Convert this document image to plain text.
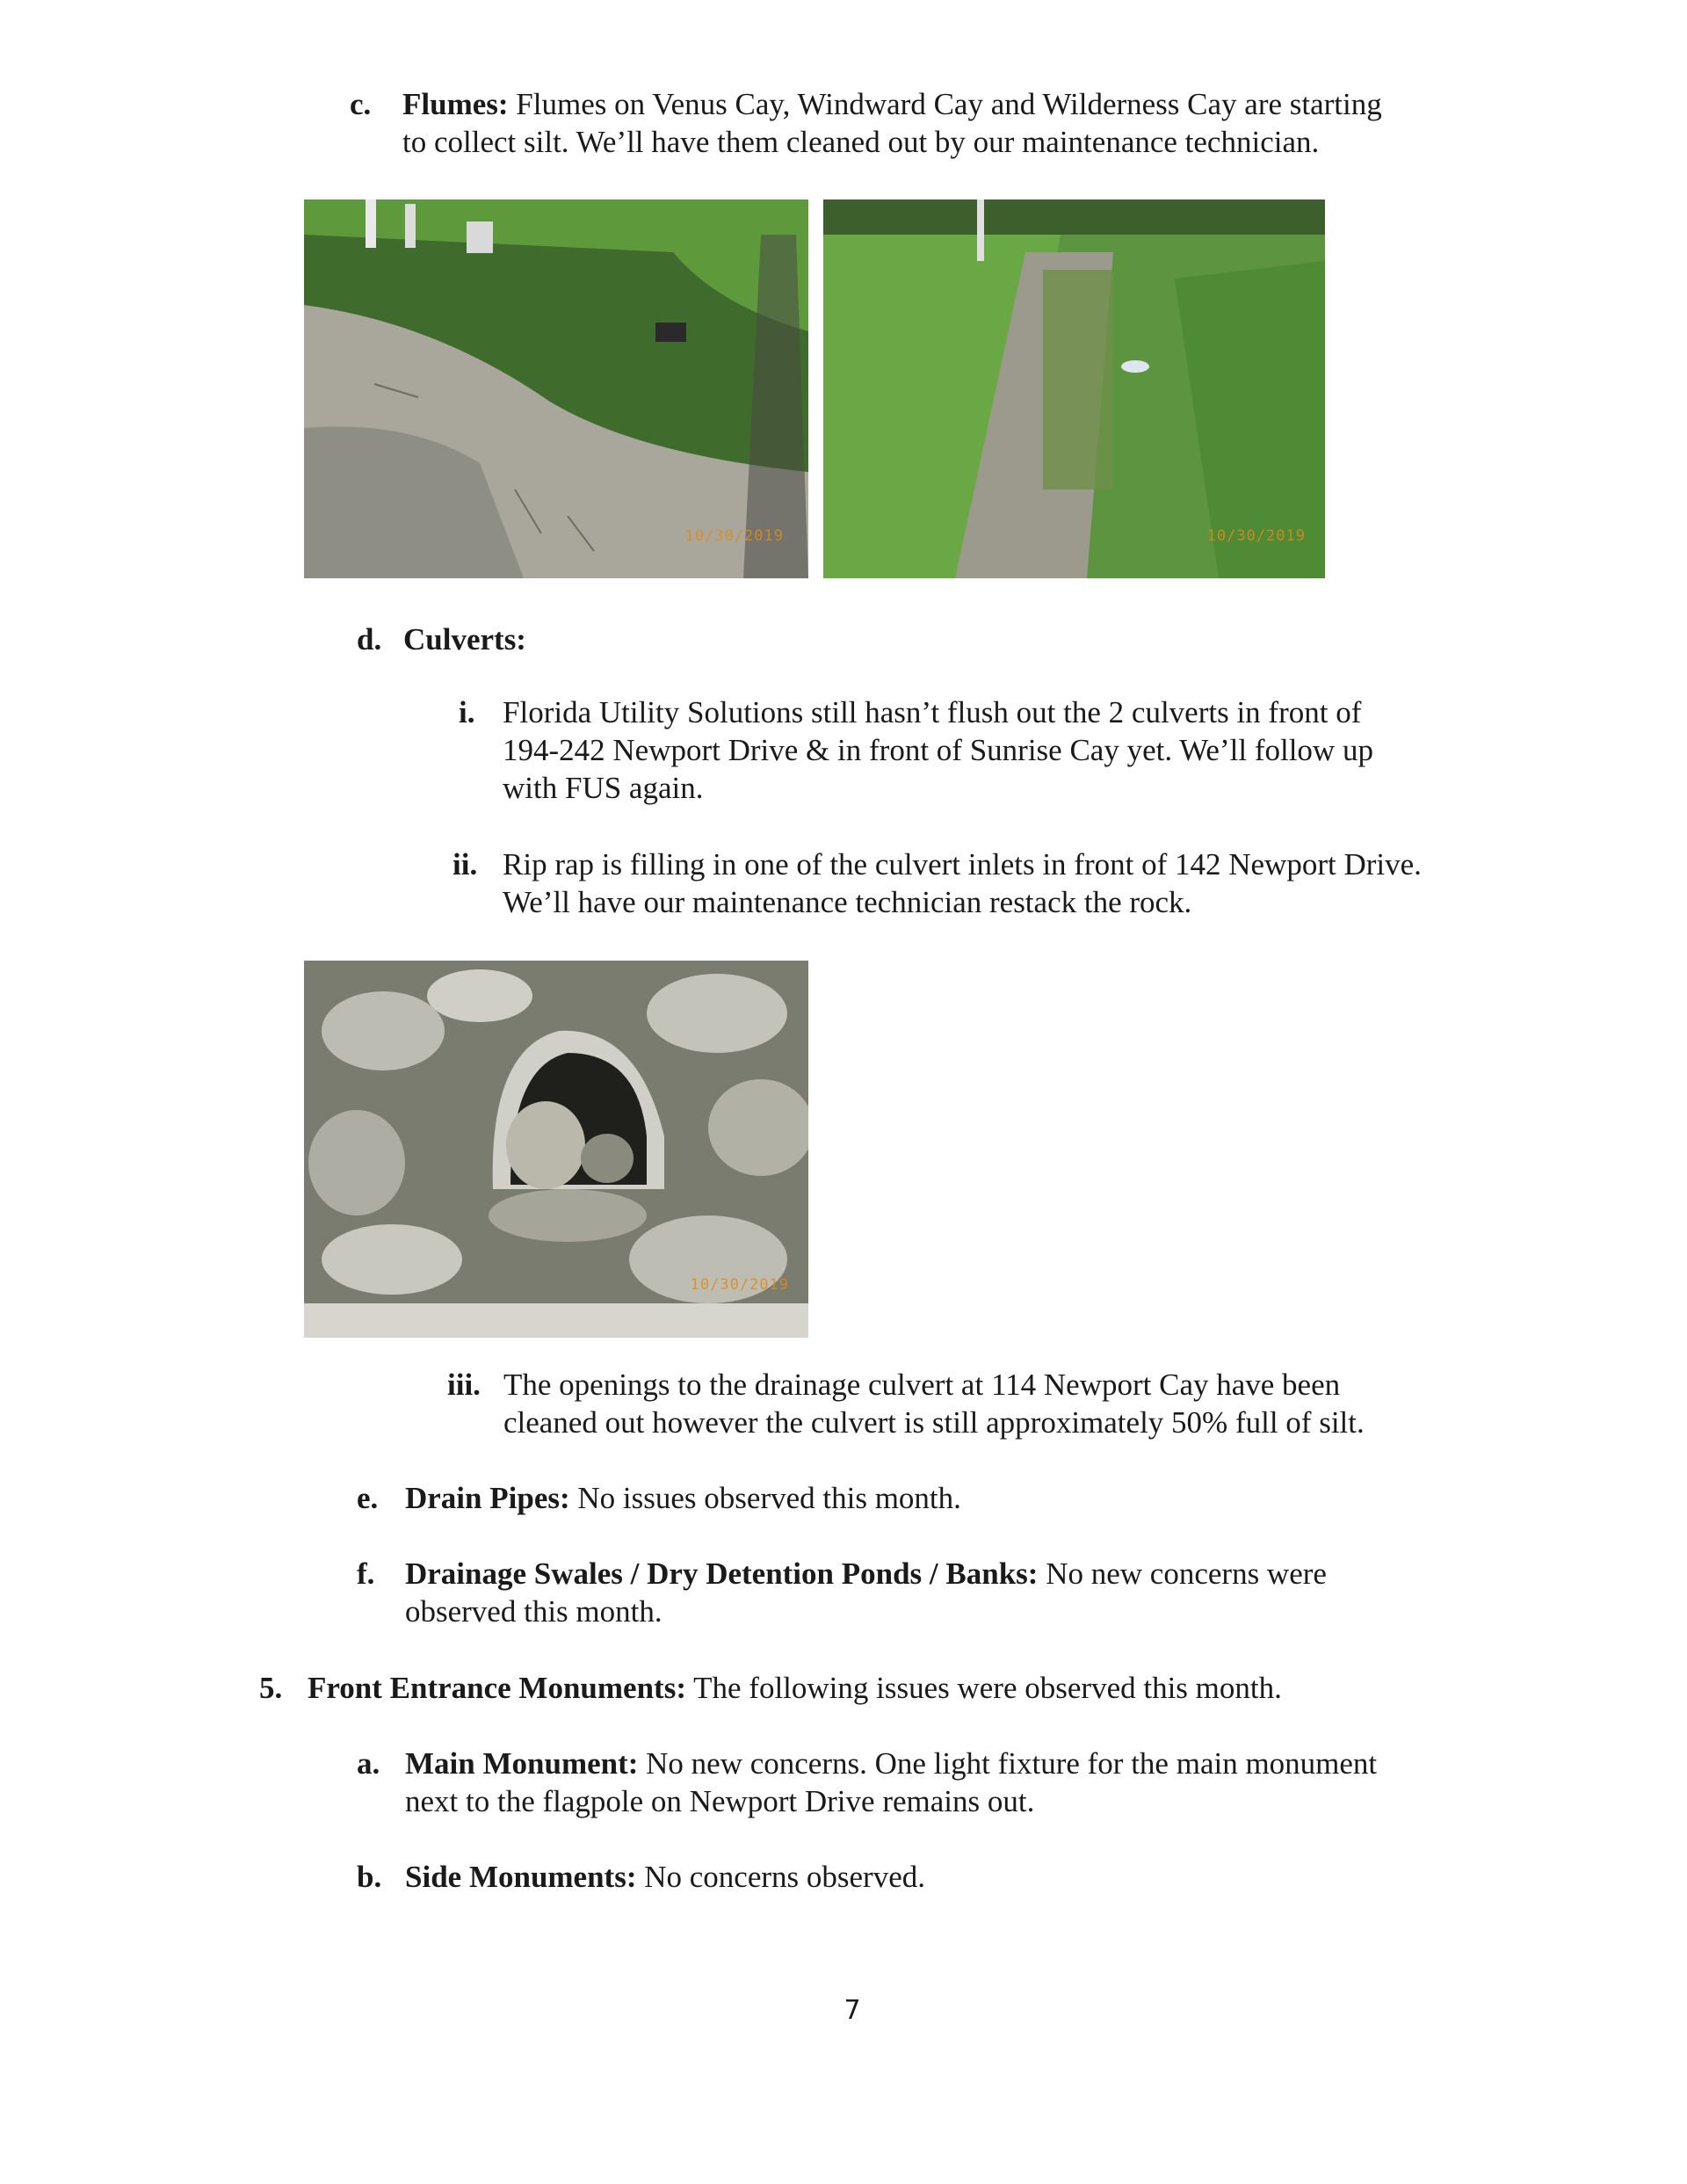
c. Flumes: Flumes on Venus Cay, Windward Cay and Wilderness Cay are starting
to collect silt. We’ll have them cleaned out by our maintenance technician.
10/30/2019	10/30/2019
d. Culverts:
i. Florida Utility Solutions still hasn’t flush out the 2 culverts in front of
194-242 Newport Drive & in front of Sunrise Cay yet. We’ll follow up
with FUS again.
ii. Rip rap is filling in one of the culvert inlets in front of 142 Newport Drive.
We’ll have our maintenance technician restack the rock.
10/30/2019
iii. The openings to the drainage culvert at 114 Newport Cay have been
cleaned out however the culvert is still approximately 50% full of silt.
e. Drain Pipes: No issues observed this month.
f. Drainage Swales / Dry Detention Ponds / Banks: No new concerns were
observed this month.
5. Front Entrance Monuments: The following issues were observed this month.
a. Main Monument: No new concerns. One light fixture for the main monument
next to the flagpole on Newport Drive remains out.
b. Side Monuments: No concerns observed.
7
